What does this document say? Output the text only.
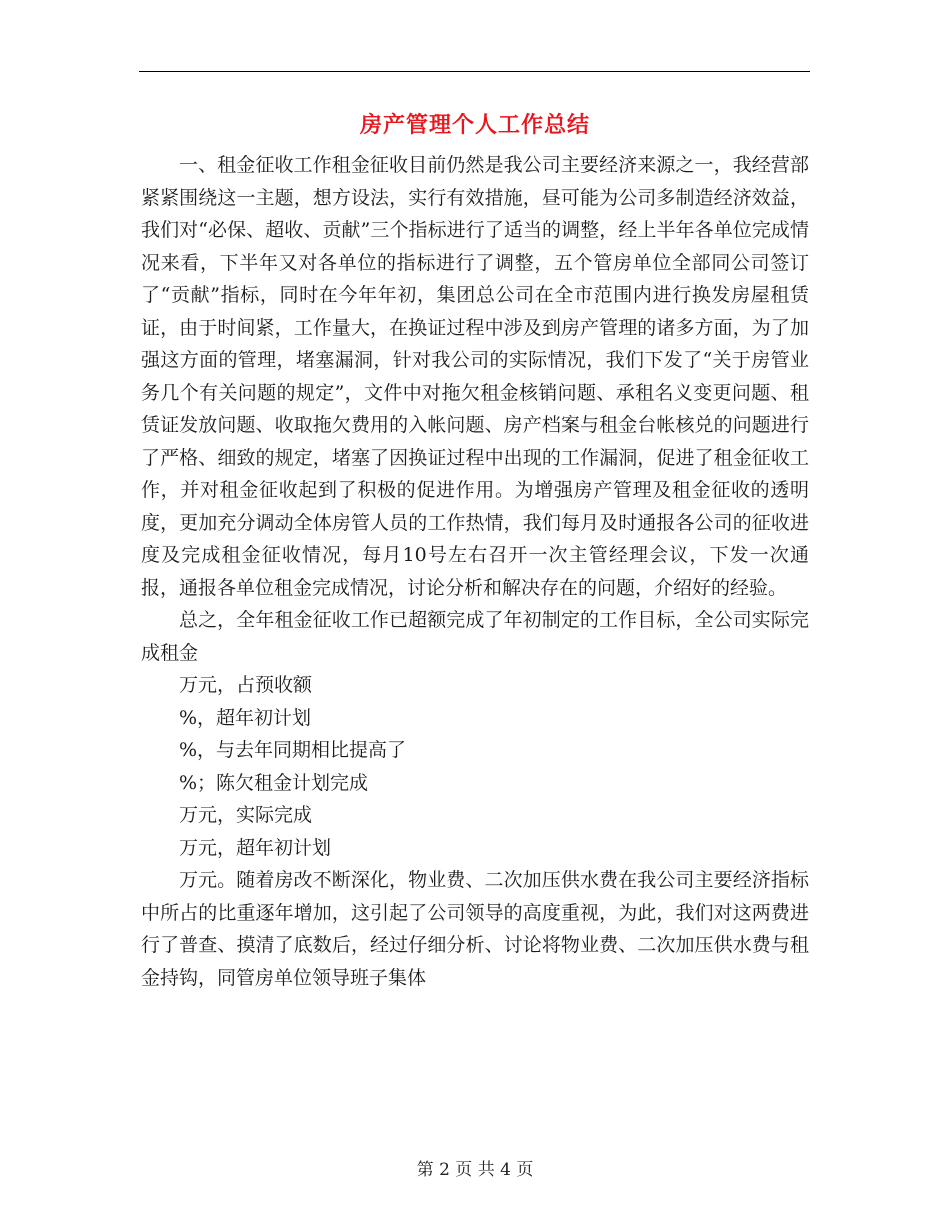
房产管理个人工作总结

一、租金征收工作租金征收目前仍然是我公司主要经济来源之一，我经营部紧紧围绕这一主题，想方设法，实行有效措施，昼可能为公司多制造经济效益，我们对“必保、超收、贡献”三个指标进行了适当的调整，经上半年各单位完成情况来看，下半年又对各单位的指标进行了调整，五个管房单位全部同公司签订了“贡献”指标，同时在今年年初，集团总公司在全市范围内进行换发房屋租赁证，由于时间紧，工作量大，在换证过程中涉及到房产管理的诸多方面，为了加强这方面的管理，堵塞漏洞，针对我公司的实际情况，我们下发了“关于房管业务几个有关问题的规定”，文件中对拖欠租金核销问题、承租名义变更问题、租赁证发放问题、收取拖欠费用的入帐问题、房产档案与租金台帐核兑的问题进行了严格、细致的规定，堵塞了因换证过程中出现的工作漏洞，促进了租金征收工作，并对租金征收起到了积极的促进作用。为增强房产管理及租金征收的透明度，更加充分调动全体房管人员的工作热情，我们每月及时通报各公司的征收进度及完成租金征收情况，每月10号左右召开一次主管经理会议，下发一次通报，通报各单位租金完成情况，讨论分析和解决存在的问题，介绍好的经验。

总之，全年租金征收工作已超额完成了年初制定的工作目标，全公司实际完成租金

万元，占预收额

%，超年初计划

%，与去年同期相比提高了

%；陈欠租金计划完成

万元，实际完成

万元，超年初计划

万元。随着房改不断深化，物业费、二次加压供水费在我公司主要经济指标中所占的比重逐年增加，这引起了公司领导的高度重视，为此，我们对这两费进行了普查、摸清了底数后，经过仔细分析、讨论将物业费、二次加压供水费与租金持钩，同管房单位领导班子集体

第 2 页 共 4 页
